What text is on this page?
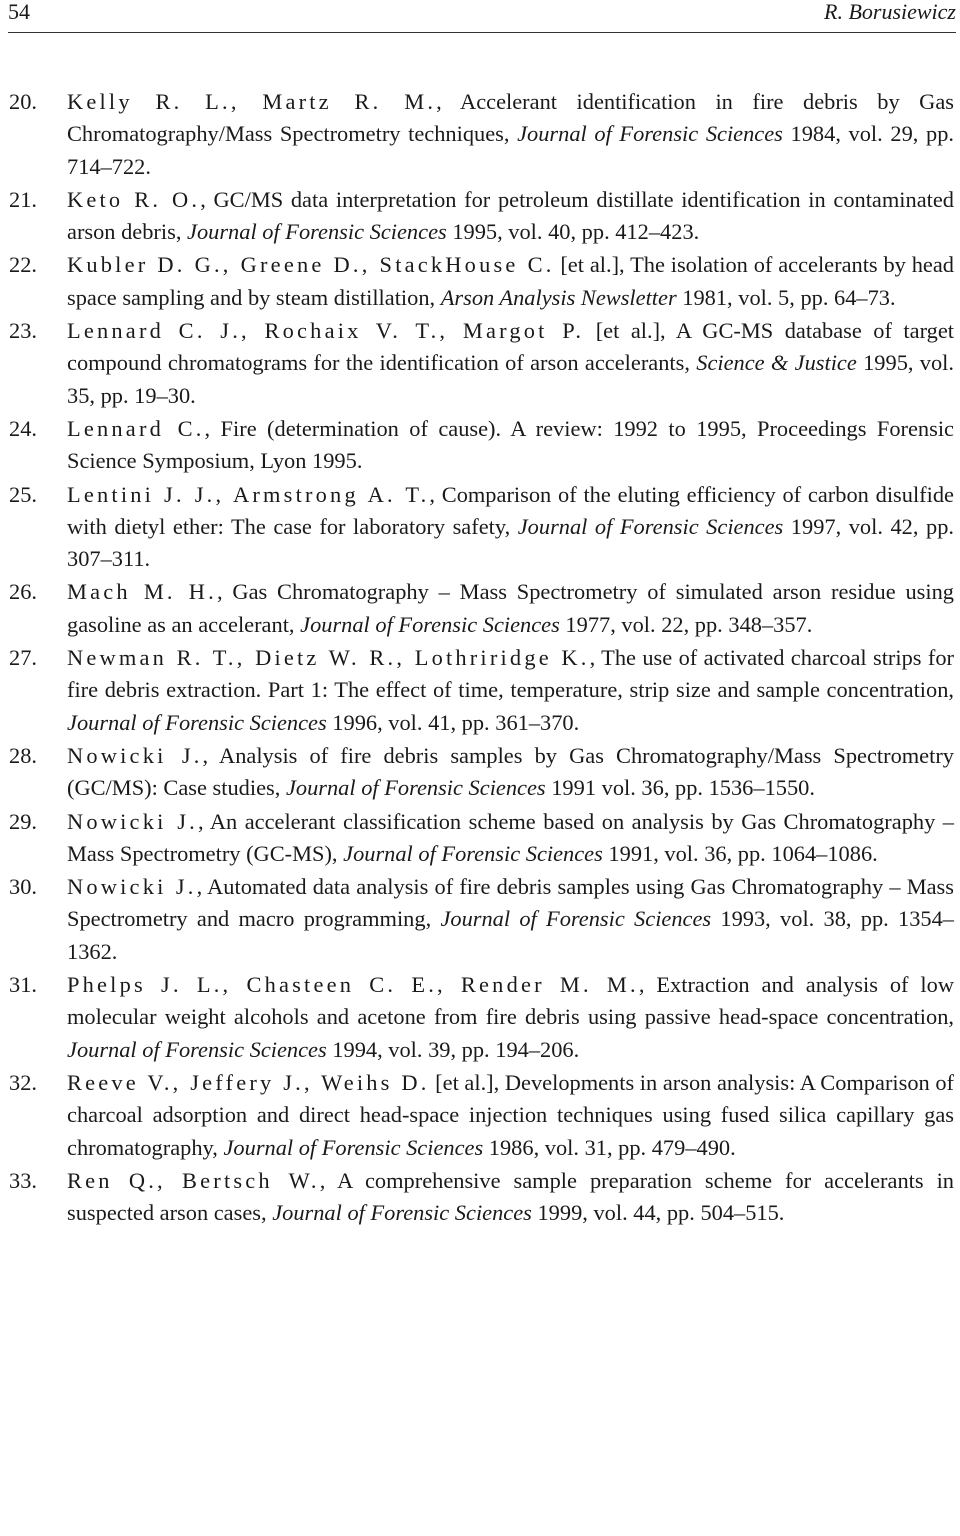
54	R. Borusiewicz
20. Kelly R. L., Martz R. M., Accelerant identification in fire debris by Gas Chromatography/Mass Spectrometry techniques, Journal of Forensic Sciences 1984, vol. 29, pp. 714–722.
21. Keto R. O., GC/MS data interpretation for petroleum distillate identification in contaminated arson debris, Journal of Forensic Sciences 1995, vol. 40, pp. 412–423.
22. Kubler D. G., Greene D., StackHouse C. [et al.], The isolation of accelerants by head space sampling and by steam distillation, Arson Analysis Newsletter 1981, vol. 5, pp. 64–73.
23. Lennard C. J., Rochaix V. T., Margot P. [et al.], A GC-MS database of target compound chromatograms for the identification of arson accelerants, Science & Justice 1995, vol. 35, pp. 19–30.
24. Lennard C., Fire (determination of cause). A review: 1992 to 1995, Proceedings Forensic Science Symposium, Lyon 1995.
25. Lentini J. J., Armstrong A. T., Comparison of the eluting efficiency of carbon disulfide with dietyl ether: The case for laboratory safety, Journal of Forensic Sciences 1997, vol. 42, pp. 307–311.
26. Mach M. H., Gas Chromatography – Mass Spectrometry of simulated arson residue using gasoline as an accelerant, Journal of Forensic Sciences 1977, vol. 22, pp. 348–357.
27. Newman R. T., Dietz W. R., Lothriridge K., The use of activated charcoal strips for fire debris extraction. Part 1: The effect of time, temperature, strip size and sample concentration, Journal of Forensic Sciences 1996, vol. 41, pp. 361–370.
28. Nowicki J., Analysis of fire debris samples by Gas Chromatography/Mass Spectrometry (GC/MS): Case studies, Journal of Forensic Sciences 1991 vol. 36, pp. 1536–1550.
29. Nowicki J., An accelerant classification scheme based on analysis by Gas Chromatography – Mass Spectrometry (GC-MS), Journal of Forensic Sciences 1991, vol. 36, pp. 1064–1086.
30. Nowicki J., Automated data analysis of fire debris samples using Gas Chromatography – Mass Spectrometry and macro programming, Journal of Forensic Sciences 1993, vol. 38, pp. 1354–1362.
31. Phelps J. L., Chasteen C. E., Render M. M., Extraction and analysis of low molecular weight alcohols and acetone from fire debris using passive head-space concentration, Journal of Forensic Sciences 1994, vol. 39, pp. 194–206.
32. Reeve V., Jeffery J., Weihs D. [et al.], Developments in arson analysis: A Comparison of charcoal adsorption and direct head-space injection techniques using fused silica capillary gas chromatography, Journal of Forensic Sciences 1986, vol. 31, pp. 479–490.
33. Ren Q., Bertsch W., A comprehensive sample preparation scheme for accelerants in suspected arson cases, Journal of Forensic Sciences 1999, vol. 44, pp. 504–515.
